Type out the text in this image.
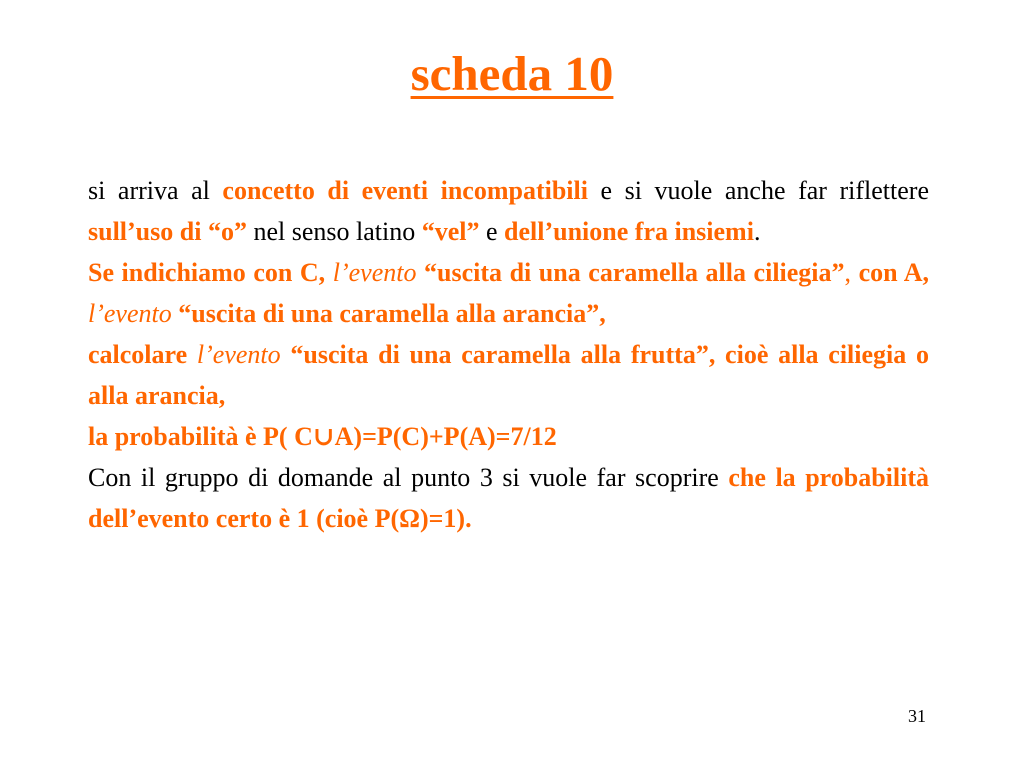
scheda 10

si arriva al concetto di eventi incompatibili e si vuole anche far riflettere sull’uso di “o” nel senso latino “vel” e dell’unione fra insiemi.

Se indichiamo con C, l’evento “uscita di una caramella alla ciliegia”, con A, l’evento “uscita di una caramella alla arancia”,

calcolare l’evento “uscita di una caramella alla frutta”, cioè alla ciliegia o alla arancia,

la probabilità è P( C∪A)=P(C)+P(A)=7/12

Con il gruppo di domande al punto 3 si vuole far scoprire che la probabilità dell’evento certo è 1 (cioè P(Ω)=1).

31
